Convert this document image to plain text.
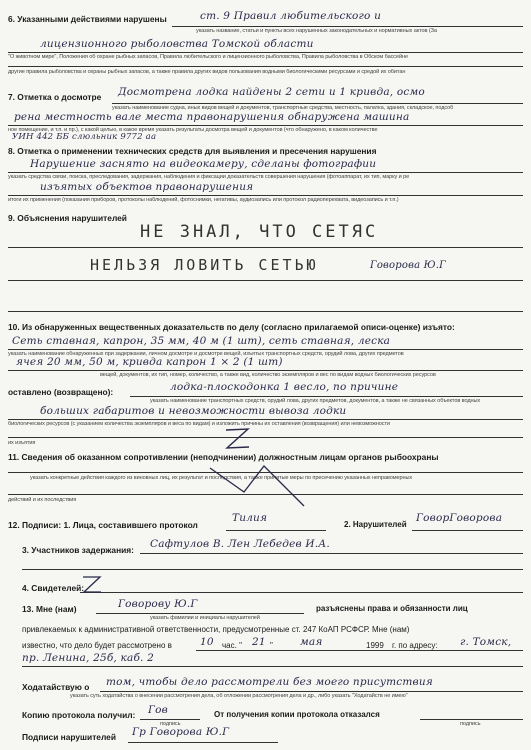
6. Указанными действиями нарушены	ст. 9 Правил любительского и
указать название, статьи и пункты всех нарушенных законодательных и нормативных актов (За
лицензионного рыболовства Томской области
"О животном мире", Положения об охране рыбных запасов, Правила любительского и лицензионного рыболовства, Правила рыболовства в Обском бассейне
другие правила рыболовства и охраны рыбных запасов, а также правила других видов пользования водными биологическими ресурсами и средой их обитан
7. Отметка о досмотре	Досмотрена лодка найдены 2 сети и 1 кривда, осмо
указать наименование судна, иных видов вещей и документов, транспортные средства, местность, палатка, здания, складское, подсоб
рена местность вале места правонарушения обнаружена машина
ное помещение, и т.п. и пр.), с какой целью, в какое время указать результаты досмотра вещей и документов (что обнаружено, в каком количестве
УИН 442 ББ слюльник 9772 аа
8. Отметка о применении технических средств для выявления и пресечения нарушения
Нарушение заснято на видеокамеру, сделаны фотографии
указать средства связи, поиска, преследования, задержания, наблюдения и фиксации доказательств совершения нарушения (фотоаппарат, их тип, марку и ре
изъятых объектов правонарушения
итоги их применения (показания приборов, протоколы наблюдений, фотоснимки, негативы, аудиозапись или протокол радиоперехвата, видеозапись и т.п.)
9. Объяснения нарушителей
НЕ ЗНАЛ, ЧТО СЕТЯС
НЕЛЬЗЯ ЛОВИТЬ СЕТЬЮ	Говорова Ю.Г
10. Из обнаруженных вещественных доказательств по делу (согласно прилагаемой описи-оценке) изъято:
Сеть ставная, капрон, 35 мм, 40 м (1 шт), сеть ставная, леска
указать наименование обнаруженных при задержании, личном досмотре и досмотре вещей, изъятых транспортных средств, орудий лова, других предметов
ячея 20 мм, 50 м, кривда капрон 1 × 2 (1 шт)
вещей, документов, их тип, номер, количество, а также вид, количество экземпляров и вес по видам водных биологических ресурсов
оставлено (возвращено):	лодка-плоскодонка 1 весло, по причине
указать наименование транспортных средств, орудий лова, других предметов, документов, а также не связанных объектов водных
больших габаритов и невозможности вывоза лодки
биологических ресурсов (с указанием количества экземпляров и веса по видам) и изложить причины их оставления (возвращения) или невозможности
их изъятия
11. Сведения об оказанном сопротивлении (неподчинении) должностным лицам органов рыбоохраны
указать конкретные действия каждого из виновных лиц, их результат и последствия, а также принятые меры по пресечению указанных неправомерных
действий и их последствия
12. Подписи: 1. Лица, составившего протокол
Тилия
2. Нарушителей
ГоворГоворова
3. Участников задержания:	Сафтулов В. Лен Лебедев И.А.
4. Свидетелей:
13. Мне (нам)	Говорову Ю.Г	разъяснены права и обязанности лиц
указать фамилии и инициалы нарушителей
привлекаемых к административной ответственности, предусмотренные ст. 247 КоАП РСФСР. Мне (нам)
известно, что дело будет рассмотрено в	10 час. " 21 "	мая	1999 г. по адресу: г. Томск,
пр. Ленина, 25б, каб. 2
Ходатайствую о	том, чтобы дело рассмотрели без моего присутствия
указать суть ходатайства о внесении рассмотрения дела, об отложении рассмотрения дела и др., либо указать "Ходатайств не имею"
Копию протокола получил:	Гов
подпись
От получения копии протокола отказался
подпись
Подписи нарушителей	Гр Говорова Ю.Г
